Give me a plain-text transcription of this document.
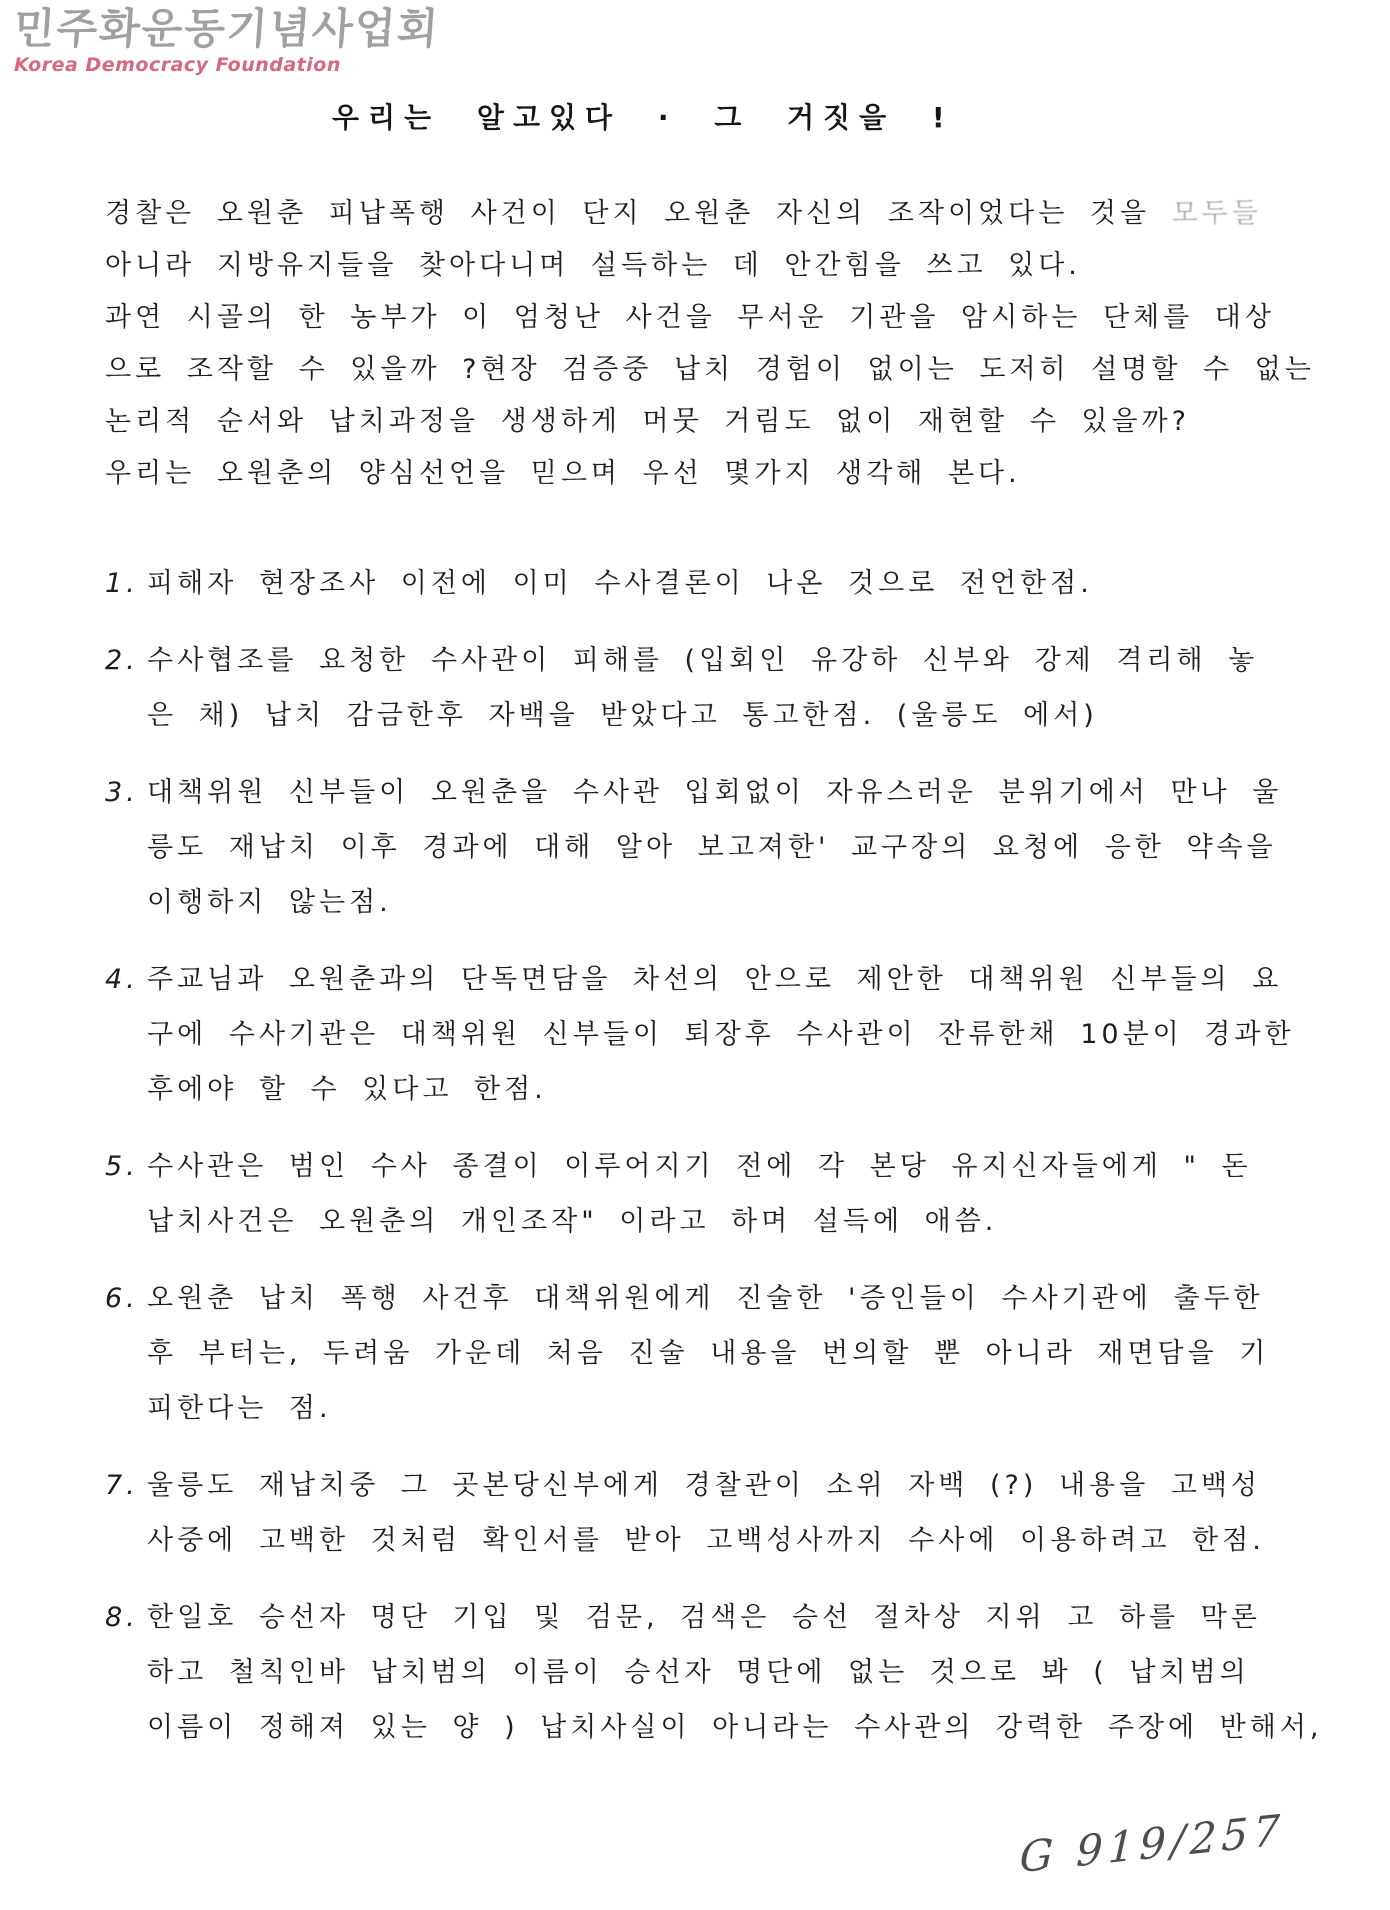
민주화운동기념사업회
Korea Democracy Foundation
우리는 알고있다 · 그 거짓을 !
경찰은 오원춘 피납폭행 사건이 단지 오원춘 자신의 조작이었다는 것을 모두들
아니라 지방유지들을 찾아다니며 설득하는 데 안간힘을 쓰고 있다.
과연 시골의 한 농부가 이 엄청난 사건을 무서운 기관을 암시하는 단체를 대상
으로 조작할 수 있을까 ?현장 검증중 납치 경험이 없이는 도저히 설명할 수 없는
논리적 순서와 납치과정을 생생하게 머뭇 거림도 없이 재현할 수 있을까?
우리는 오원춘의 양심선언을 믿으며 우선 몇가지 생각해 본다.
1. 피해자 현장조사 이전에 이미 수사결론이 나온 것으로 전언한점.
2. 수사협조를 요청한 수사관이 피해를 (입회인 유강하 신부와 강제 격리해 놓
은 채) 납치 감금한후 자백을 받았다고 통고한점. (울릉도 에서)
3. 대책위원 신부들이 오원춘을 수사관 입회없이 자유스러운 분위기에서 만나 울
릉도 재납치 이후 경과에 대해 알아 보고져한' 교구장의 요청에 응한 약속을
이행하지 않는점.
4. 주교님과 오원춘과의 단독면담을 차선의 안으로 제안한 대책위원 신부들의 요
구에 수사기관은 대책위원 신부들이 퇴장후 수사관이 잔류한채 10분이 경과한
후에야 할 수 있다고 한점.
5. 수사관은 범인 수사 종결이 이루어지기 전에 각 본당 유지신자들에게 " 돈
납치사건은 오원춘의 개인조작" 이라고 하며 설득에 애씀.
6. 오원춘 납치 폭행 사건후 대책위원에게 진술한 '증인들이 수사기관에 출두한
후 부터는, 두려움 가운데 처음 진술 내용을 번의할 뿐 아니라 재면담을 기
피한다는 점.
7. 울릉도 재납치중 그 곳본당신부에게 경찰관이 소위 자백 (?) 내용을 고백성
사중에 고백한 것처럼 확인서를 받아 고백성사까지 수사에 이용하려고 한점.
8. 한일호 승선자 명단 기입 및 검문, 검색은 승선 절차상 지위 고 하를 막론
하고 철칙인바 납치범의 이름이 승선자 명단에 없는 것으로 봐 ( 납치범의
이름이 정해져 있는 양 ) 납치사실이 아니라는 수사관의 강력한 주장에 반해서,
G 919/257
